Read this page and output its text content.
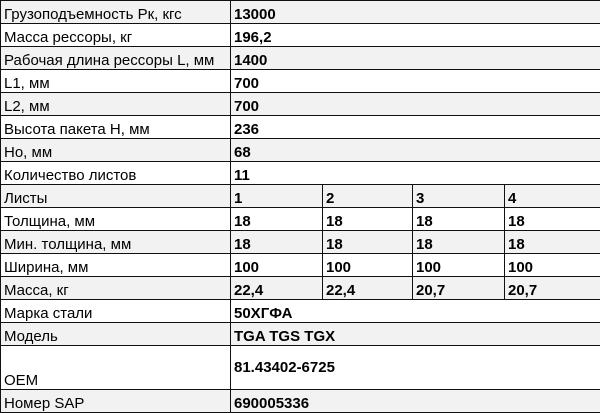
Грузоподъемность Рк, кгс	13000			
Масса рессоры, кг	196,2			
Рабочая длина рессоры L, мм	1400			
L1, мм	700			
L2, мм	700			
Высота пакета Н, мм	236			
Но, мм	68			
Количество листов	11			
Листы	1	2	3	4
Толщина, мм	18	18	18	18
Мин. толщина, мм	18	18	18	18
Ширина, мм	100	100	100	100
Масса, кг	22,4	22,4	20,7	20,7
Марка стали	50ХГФА			
Модель	TGA TGS TGX			
OEM	81.43402-6725			
Номер SAP	690005336			
